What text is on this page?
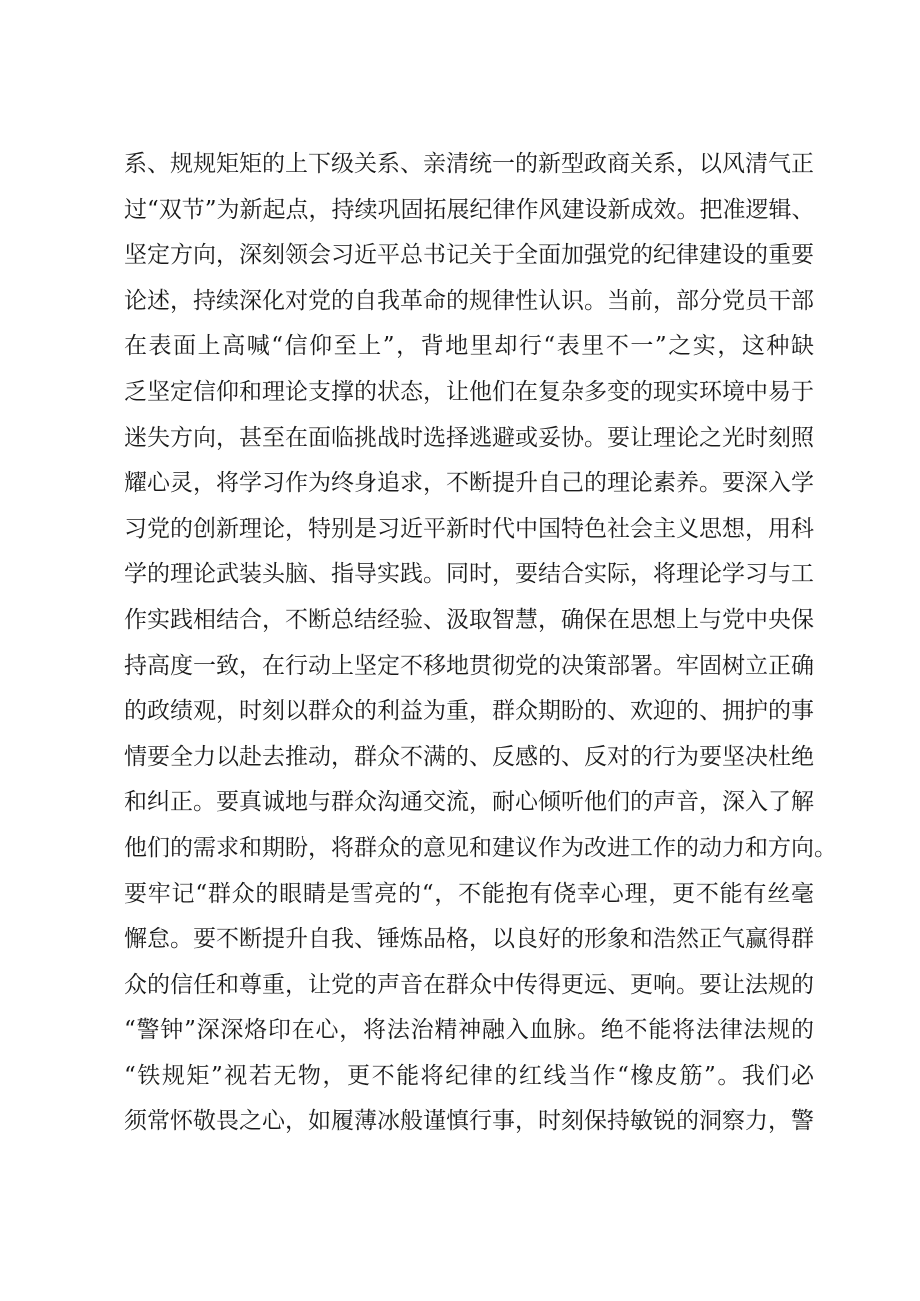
系、规规矩矩的上下级关系、亲清统一的新型政商关系，以风清气正
过“双节”为新起点，持续巩固拓展纪律作风建设新成效。把准逻辑、
坚定方向，深刻领会习近平总书记关于全面加强党的纪律建设的重要
论述，持续深化对党的自我革命的规律性认识。当前，部分党员干部
在表面上高喊“信仰至上”，背地里却行“表里不一”之实，这种缺
乏坚定信仰和理论支撑的状态，让他们在复杂多变的现实环境中易于
迷失方向，甚至在面临挑战时选择逃避或妥协。要让理论之光时刻照
耀心灵，将学习作为终身追求，不断提升自己的理论素养。要深入学
习党的创新理论，特别是习近平新时代中国特色社会主义思想，用科
学的理论武装头脑、指导实践。同时，要结合实际，将理论学习与工
作实践相结合，不断总结经验、汲取智慧，确保在思想上与党中央保
持高度一致，在行动上坚定不移地贯彻党的决策部署。牢固树立正确
的政绩观，时刻以群众的利益为重，群众期盼的、欢迎的、拥护的事
情要全力以赴去推动，群众不满的、反感的、反对的行为要坚决杜绝
和纠正。要真诚地与群众沟通交流，耐心倾听他们的声音，深入了解
他们的需求和期盼，将群众的意见和建议作为改进工作的动力和方向。
要牢记“群众的眼睛是雪亮的“，不能抱有侥幸心理，更不能有丝毫
懈怠。要不断提升自我、锤炼品格，以良好的形象和浩然正气赢得群
众的信任和尊重，让党的声音在群众中传得更远、更响。要让法规的
“警钟”深深烙印在心，将法治精神融入血脉。绝不能将法律法规的
“铁规矩”视若无物，更不能将纪律的红线当作“橡皮筋”。我们必
须常怀敬畏之心，如履薄冰般谨慎行事，时刻保持敏锐的洞察力，警
